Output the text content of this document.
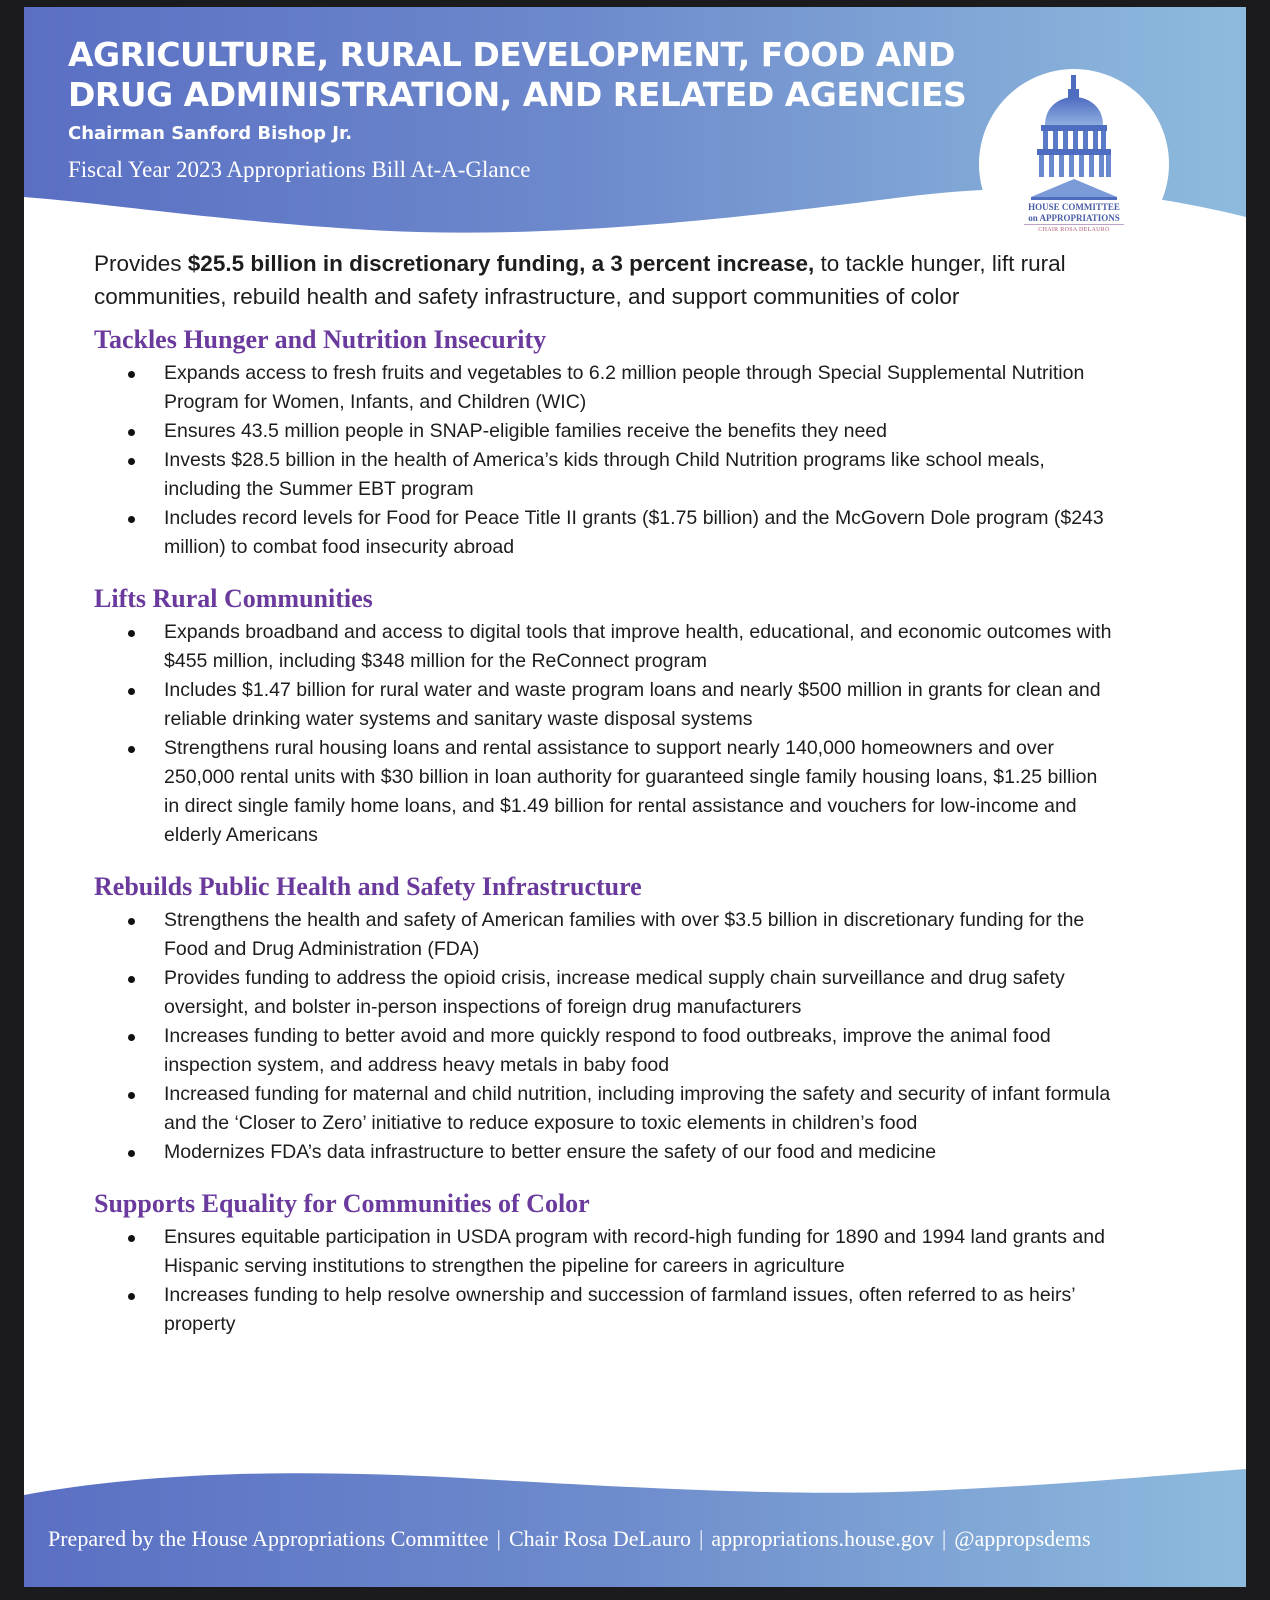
AGRICULTURE, RURAL DEVELOPMENT, FOOD AND
DRUG ADMINISTRATION, AND RELATED AGENCIES
Chairman Sanford Bishop Jr.
Fiscal Year 2023 Appropriations Bill At-A-Glance
HOUSE COMMITTEE
on APPROPRIATIONS
CHAIR ROSA DELAURO

Provides $25.5 billion in discretionary funding, a 3 percent increase, to tackle hunger, lift rural communities, rebuild health and safety infrastructure, and support communities of color

Tackles Hunger and Nutrition Insecurity
Expands access to fresh fruits and vegetables to 6.2 million people through Special Supplemental Nutrition Program for Women, Infants, and Children (WIC)
Ensures 43.5 million people in SNAP-eligible families receive the benefits they need
Invests $28.5 billion in the health of America’s kids through Child Nutrition programs like school meals, including the Summer EBT program
Includes record levels for Food for Peace Title II grants ($1.75 billion) and the McGovern Dole program ($243 million) to combat food insecurity abroad
Lifts Rural Communities
Expands broadband and access to digital tools that improve health, educational, and economic outcomes with $455 million, including $348 million for the ReConnect program
Includes $1.47 billion for rural water and waste program loans and nearly $500 million in grants for clean and reliable drinking water systems and sanitary waste disposal systems
Strengthens rural housing loans and rental assistance to support nearly 140,000 homeowners and over 250,000 rental units with $30 billion in loan authority for guaranteed single family housing loans, $1.25 billion in direct single family home loans, and $1.49 billion for rental assistance and vouchers for low-income and elderly Americans
Rebuilds Public Health and Safety Infrastructure
Strengthens the health and safety of American families with over $3.5 billion in discretionary funding for the Food and Drug Administration (FDA)
Provides funding to address the opioid crisis, increase medical supply chain surveillance and drug safety oversight, and bolster in-person inspections of foreign drug manufacturers
Increases funding to better avoid and more quickly respond to food outbreaks, improve the animal food inspection system, and address heavy metals in baby food
Increased funding for maternal and child nutrition, including improving the safety and security of infant formula and the ‘Closer to Zero’ initiative to reduce exposure to toxic elements in children’s food
Modernizes FDA’s data infrastructure to better ensure the safety of our food and medicine
Supports Equality for Communities of Color
Ensures equitable participation in USDA program with record-high funding for 1890 and 1994 land grants and Hispanic serving institutions to strengthen the pipeline for careers in agriculture
Increases funding to help resolve ownership and succession of farmland issues, often referred to as heirs’ property
Prepared by the House Appropriations Committee | Chair Rosa DeLauro | appropriations.house.gov | @appropsdems
